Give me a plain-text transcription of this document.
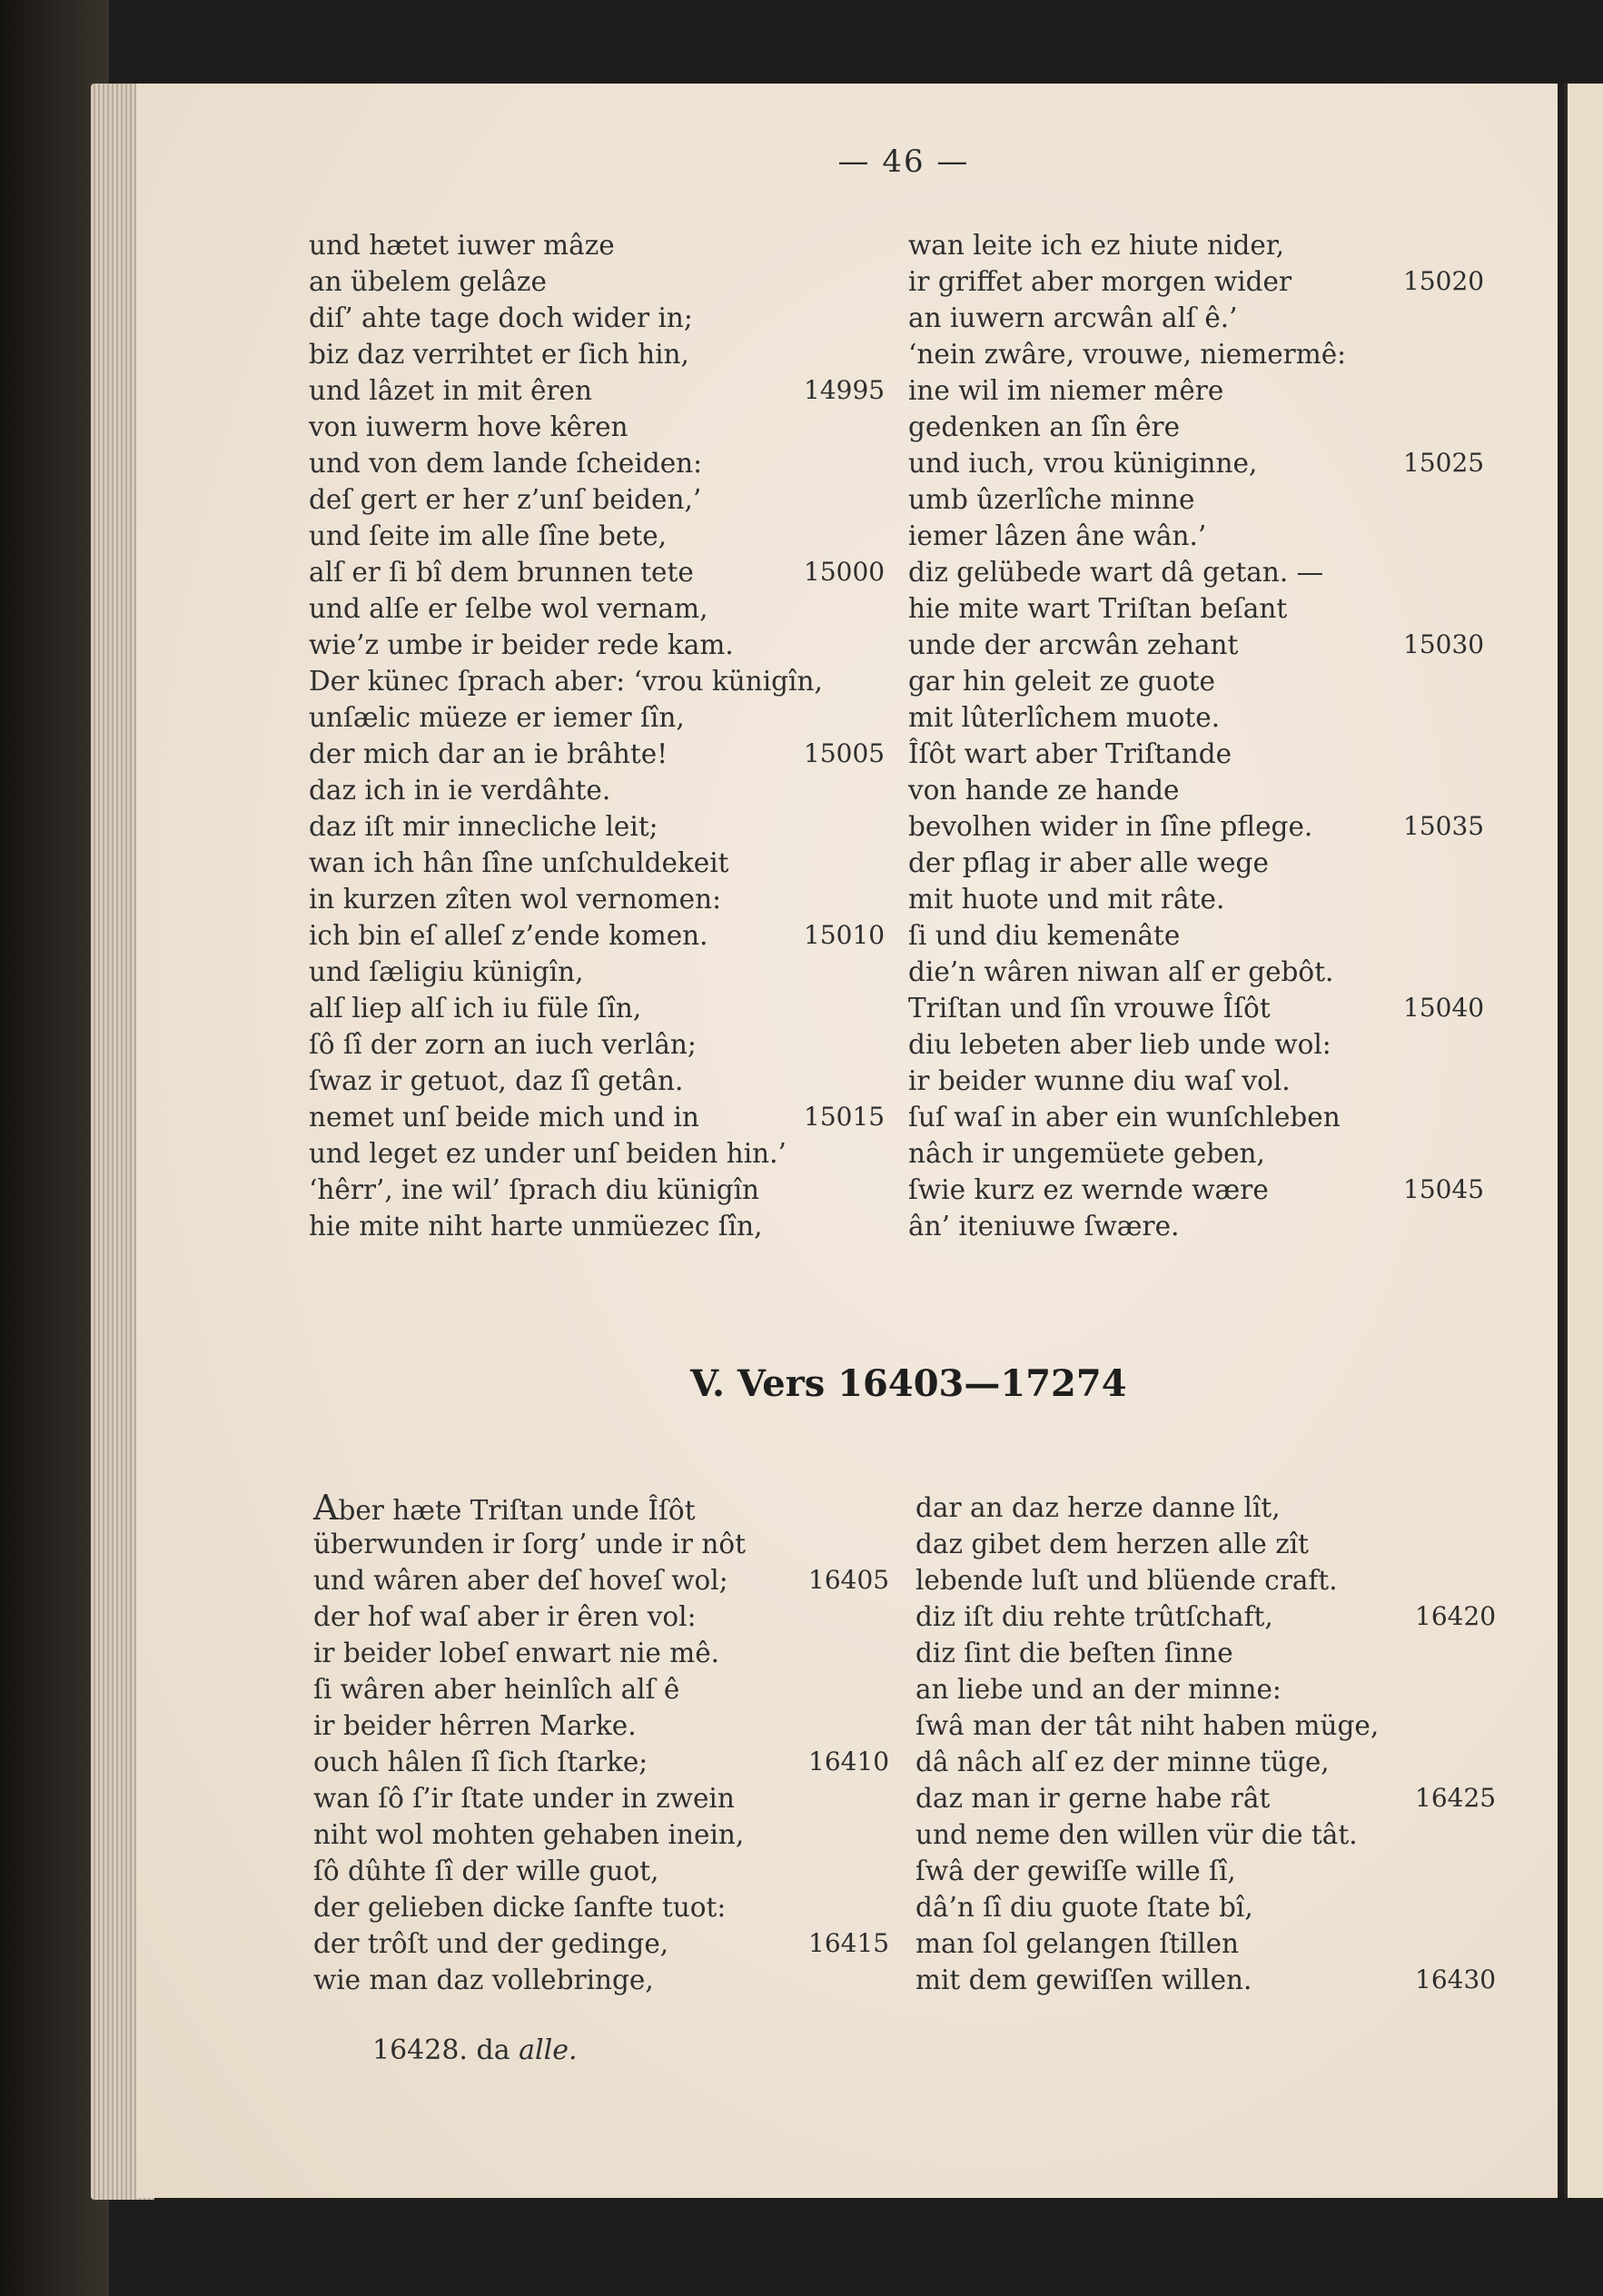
— 46 —
und hætet iuwer mâze
an übelem gelâze
diſ’ ahte tage doch wider in;
biz daz verrihtet er ſich hin,
und lâzet in mit êren	14995
von iuwerm hove kêren
und von dem lande ſcheiden:
deſ gert er her z’unſ beiden,’
und ſeite im alle ſîne bete,
alſ er ſi bî dem brunnen tete	15000
und alſe er ſelbe wol vernam,
wie’z umbe ir beider rede kam.
Der künec ſprach aber: ‘vrou künigîn,
unſælic müeze er iemer ſîn,
der mich dar an ie brâhte!	15005
daz ich in ie verdâhte.
daz iſt mir innecliche leit;
wan ich hân ſîne unſchuldekeit
in kurzen zîten wol vernomen:
ich bin eſ alleſ z’ende komen.	15010
und ſæligiu künigîn,
alſ liep alſ ich iu füle ſîn,
ſô ſî der zorn an iuch verlân;
ſwaz ir getuot, daz ſî getân.
nemet unſ beide mich und in	15015
und leget ez under unſ beiden hin.’
‘hêrr’, ine wil’ ſprach diu künigîn
hie mite niht harte unmüezec ſîn,
wan leite ich ez hiute nider,
ir griffet aber morgen wider	15020
an iuwern arcwân alſ ê.’
‘nein zwâre, vrouwe, niemermê:
ine wil im niemer mêre
gedenken an ſîn êre
und iuch, vrou küniginne,	15025
umb ûzerlîche minne
iemer lâzen âne wân.’
diz gelübede wart dâ getan. —
hie mite wart Triſtan beſant
unde der arcwân zehant	15030
gar hin geleit ze guote
mit lûterlîchem muote.
Îſôt wart aber Triſtande
von hande ze hande
bevolhen wider in ſîne pflege.	15035
der pflag ir aber alle wege
mit huote und mit râte.
ſi und diu kemenâte
die’n wâren niwan alſ er gebôt.
Triſtan und ſîn vrouwe Îſôt	15040
diu lebeten aber lieb unde wol:
ir beider wunne diu waſ vol.
ſuſ waſ in aber ein wunſchleben
nâch ir ungemüete geben,
ſwie kurz ez wernde wære	15045
ân’ iteniuwe ſwære.
V. Vers 16403—17274
Aber hæte Triſtan unde Îſôt
überwunden ir ſorg’ unde ir nôt
und wâren aber deſ hoveſ wol;	16405
der hof waſ aber ir êren vol:
ir beider lobeſ enwart nie mê.
ſi wâren aber heinlîch alſ ê
ir beider hêrren Marke.
ouch hâlen ſî ſich ſtarke;	16410
wan ſô ſ’ir ſtate under in zwein
niht wol mohten gehaben inein,
ſô dûhte ſî der wille guot,
der gelieben dicke ſanfte tuot:
der trôſt und der gedinge,	16415
wie man daz vollebringe,
dar an daz herze danne lît,
daz gibet dem herzen alle zît
lebende luſt und blüende craft.
diz iſt diu rehte trûtſchaft,	16420
diz ſint die beſten ſinne
an liebe und an der minne:
ſwâ man der tât niht haben müge,
dâ nâch alſ ez der minne tüge,
daz man ir gerne habe rât	16425
und neme den willen vür die tât.
ſwâ der gewiſſe wille ſî,
dâ’n ſî diu guote ſtate bî,
man ſol gelangen ſtillen
mit dem gewiſſen willen.	16430
16428. da alle.
